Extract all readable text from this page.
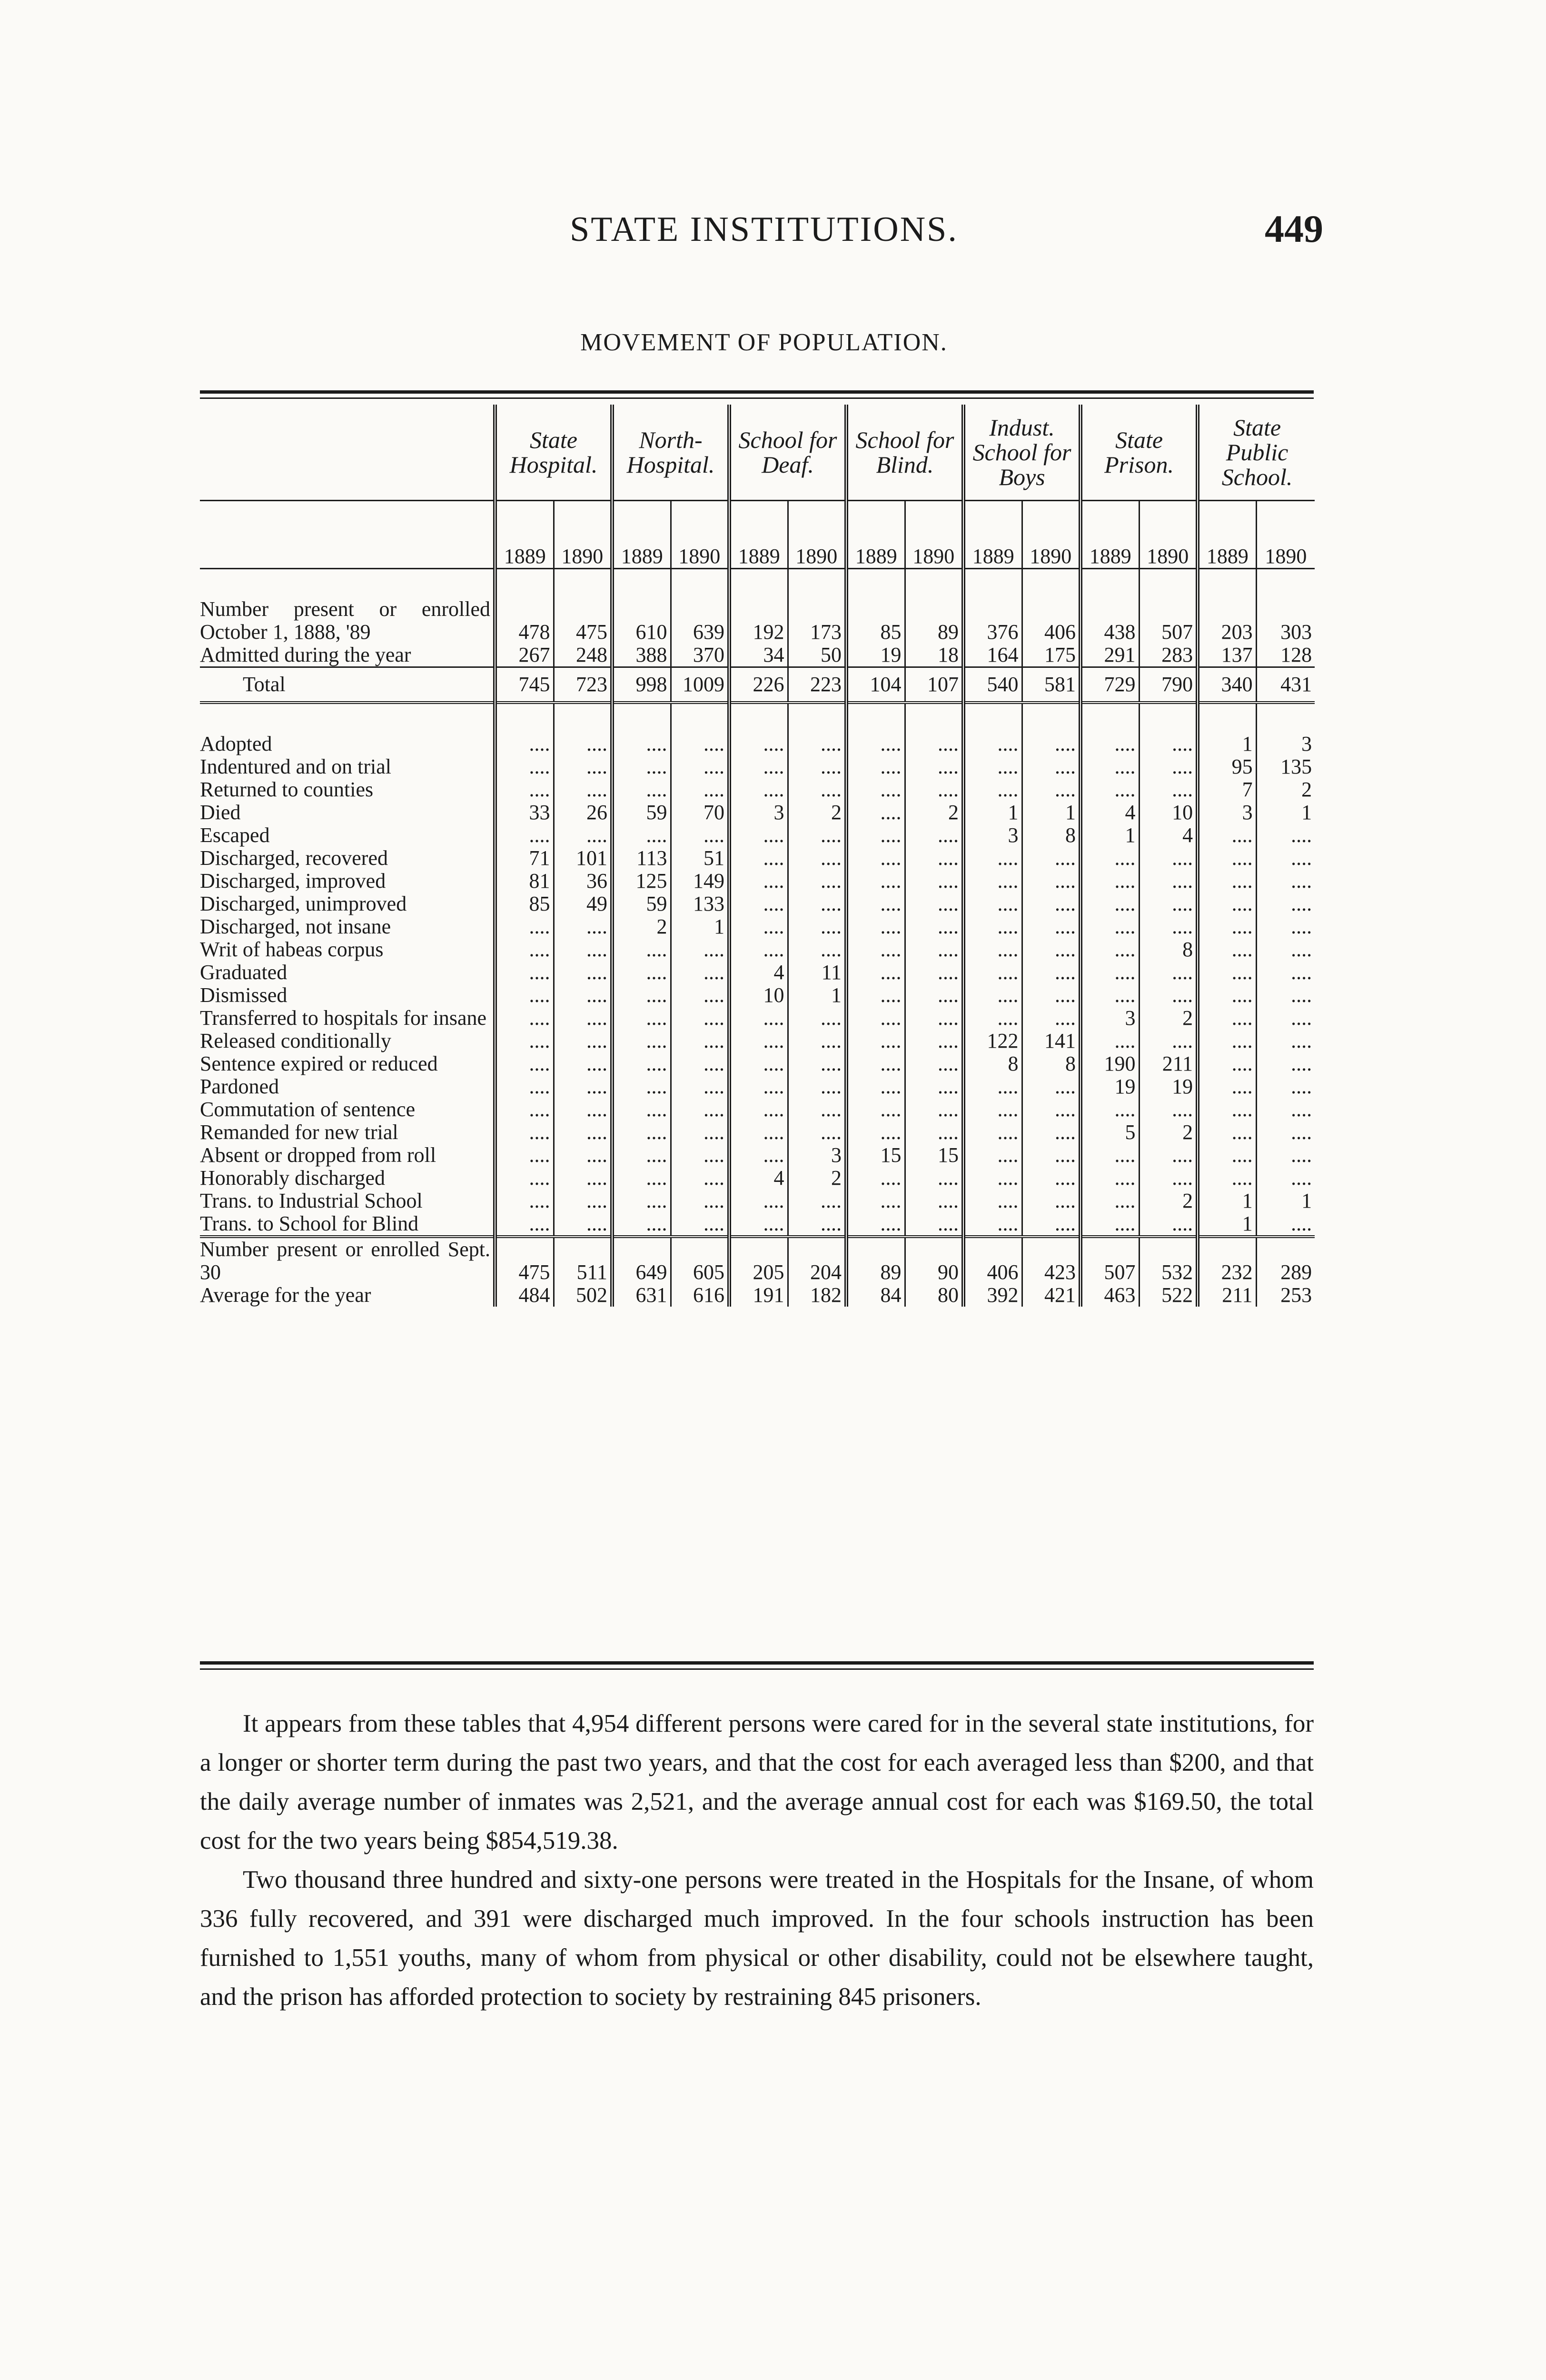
STATE INSTITUTIONS.	449
MOVEMENT OF POPULATION.
	State Hospital.		North-Hospital.		School for Deaf.		School for Blind.		Indust. School for Boys		State Prison.		State Public School.	
	1889	1890	1889	1890	1889	1890	1889	1890	1889	1890	1889	1890	1889	1890

Number present or enrolled October 1, 1888, '89	478	475	610	639	192	173	85	89	376	406	438	507	203	303
Admitted during the year	267	248	388	370	34	50	19	18	164	175	291	283	137	128
Total	745	723	998	1009	226	223	104	107	540	581	729	790	340	431

Adopted	....	....	....	....	....	....	....	....	....	....	....	....	1	3
Indentured and on trial	....	....	....	....	....	....	....	....	....	....	....	....	95	135
Returned to counties	....	....	....	....	....	....	....	....	....	....	....	....	7	2
Died	33	26	59	70	3	2	....	2	1	1	4	10	3	1
Escaped	....	....	....	....	....	....	....	....	3	8	1	4	....	....
Discharged, recovered	71	101	113	51	....	....	....	....	....	....	....	....	....	....
Discharged, improved	81	36	125	149	....	....	....	....	....	....	....	....	....	....
Discharged, unimproved	85	49	59	133	....	....	....	....	....	....	....	....	....	....
Discharged, not insane	....	....	2	1	....	....	....	....	....	....	....	....	....	....
Writ of habeas corpus	....	....	....	....	....	....	....	....	....	....	....	8	....	....
Graduated	....	....	....	....	4	11	....	....	....	....	....	....	....	....
Dismissed	....	....	....	....	10	1	....	....	....	....	....	....	....	....
Transferred to hospitals for insane	....	....	....	....	....	....	....	....	....	....	3	2	....	....
Released conditionally	....	....	....	....	....	....	....	....	122	141	....	....	....	....
Sentence expired or reduced	....	....	....	....	....	....	....	....	8	8	190	211	....	....
Pardoned	....	....	....	....	....	....	....	....	....	....	19	19	....	....
Commutation of sentence	....	....	....	....	....	....	....	....	....	....	....	....	....	....
Remanded for new trial	....	....	....	....	....	....	....	....	....	....	5	2	....	....
Absent or dropped from roll	....	....	....	....	....	3	15	15	....	....	....	....	....	....
Honorably discharged	....	....	....	....	4	2	....	....	....	....	....	....	....	....
Trans. to Industrial School	....	....	....	....	....	....	....	....	....	....	....	2	1	1
Trans. to School for Blind	....	....	....	....	....	....	....	....	....	....	....	....	1	....
Number present or enrolled Sept. 30	475	511	649	605	205	204	89	90	406	423	507	532	232	289
Average for the year	484	502	631	616	191	182	84	80	392	421	463	522	211	253

It appears from these tables that 4,954 different persons were cared for in the several state institutions, for a longer or shorter term during the past two years, and that the cost for each averaged less than $200, and that the daily average number of inmates was 2,521, and the average annual cost for each was $169.50, the total cost for the two years being $854,519.38.

Two thousand three hundred and sixty-one persons were treated in the Hospitals for the Insane, of whom 336 fully recovered, and 391 were discharged much improved. In the four schools instruction has been furnished to 1,551 youths, many of whom from physical or other disability, could not be elsewhere taught, and the prison has afforded protection to society by restraining 845 prisoners.
